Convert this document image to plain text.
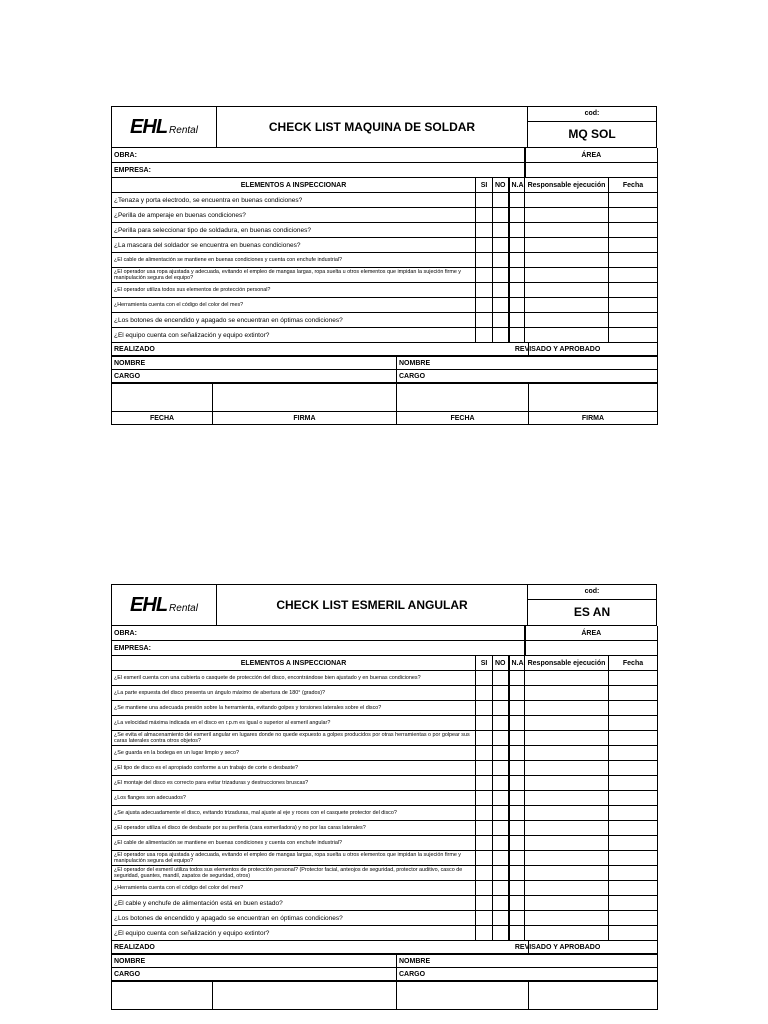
EHL Rental	CHECK LIST MAQUINA DE SOLDAR	cod:
MQ SOL
OBRA:				ÁREA	
EMPRESA:					
ELEMENTOS A INSPECCIONAR	SI	NO	N.A	Responsable ejecución	Fecha
¿Tenaza y porta electrodo, se encuentra en buenas condiciones?					
¿Perilla de amperaje en buenas condiciones?					
¿Perilla para seleccionar tipo de soldadura, en buenas condiciones?					
¿La mascara del soldador se encuentra en buenas condiciones?					
¿El cable de alimentación se mantiene en buenas condiciones y cuenta con enchufe industrial?					
¿El operador usa ropa ajustada y adecuada, evitando el empleo de mangas largas, ropa suelta u otros elementos que impidan la sujeción firme y manipulación segura del equipo?					
¿El operador utiliza todos sus elementos de protección personal?					
¿Herramienta cuenta con el código del color del mes?					
¿Los botones de encendido y apagado se encuentran en óptimas condiciones?					
¿El equipo cuenta con señalización y equipo extintor?					
REALIZADO REVISADO Y APROBADO			
NOMBRE		NOMBRE	
CARGO		CARGO	

FECHA	FIRMA	FECHA	FIRMA
EHL Rental	CHECK LIST ESMERIL ANGULAR	cod:
ES AN
OBRA:				ÁREA	
EMPRESA:					
ELEMENTOS A INSPECCIONAR	SI	NO	N.A	Responsable ejecución	Fecha
¿El esmeril cuenta con una cubierta o casquete de protección del disco, encontrándose bien ajustado y en buenas condiciones?					
¿La parte expuesta del disco presenta un ángulo máximo de abertura de 180° (grados)?					
¿Se mantiene una adecuada presión sobre la herramienta, evitando golpes y torsiones laterales sobre el disco?					
¿La velocidad máxima indicada en el disco en r.p.m es igual o superior al esmeril angular?					
¿Se evita el almacenamiento del esmeril angular en lugares donde no quede expuesto a golpes producidos por otras herramientas o por golpear sus caras laterales contra otros objetos?					
¿Se guarda en la bodega en un lugar limpio y seco?					
¿El tipo de disco es el apropiado conforme a un trabajo de corte o desbaste?					
¿El montaje del disco es correcto para evitar trizaduras y destrucciones bruscas?					
¿Los flanges son adecuados?					
¿Se ajusta adecuadamente el disco, evitando trizaduras, mal ajuste al eje y roces con el casquete protector del disco?					
¿El operador utiliza el disco de desbaste por su periferia (cara esmeriladora) y no por las caras laterales?					
¿El cable de alimentación se mantiene en buenas condiciones y cuenta con enchufe industrial?					
¿El operador usa ropa ajustada y adecuada, evitando el empleo de mangas largas, ropa suelta u otros elementos que impidan la sujeción firme y manipulación segura del equipo?					
¿El operador del esmeril utiliza todos sus elementos de protección personal? (Protector facial, anteojos de seguridad, protector auditivo, casco de seguridad, guantes, mandil, zapatos de seguridad, otros)					
¿Herramienta cuenta con el código del color del mes?					
¿El cable y enchufe de alimentación está en buen estado?					
¿Los botones de encendido y apagado se encuentran en óptimas condiciones?					
¿El equipo cuenta con señalización y equipo extintor?					
REALIZADO REVISADO Y APROBADO			
NOMBRE		NOMBRE	
CARGO		CARGO	
